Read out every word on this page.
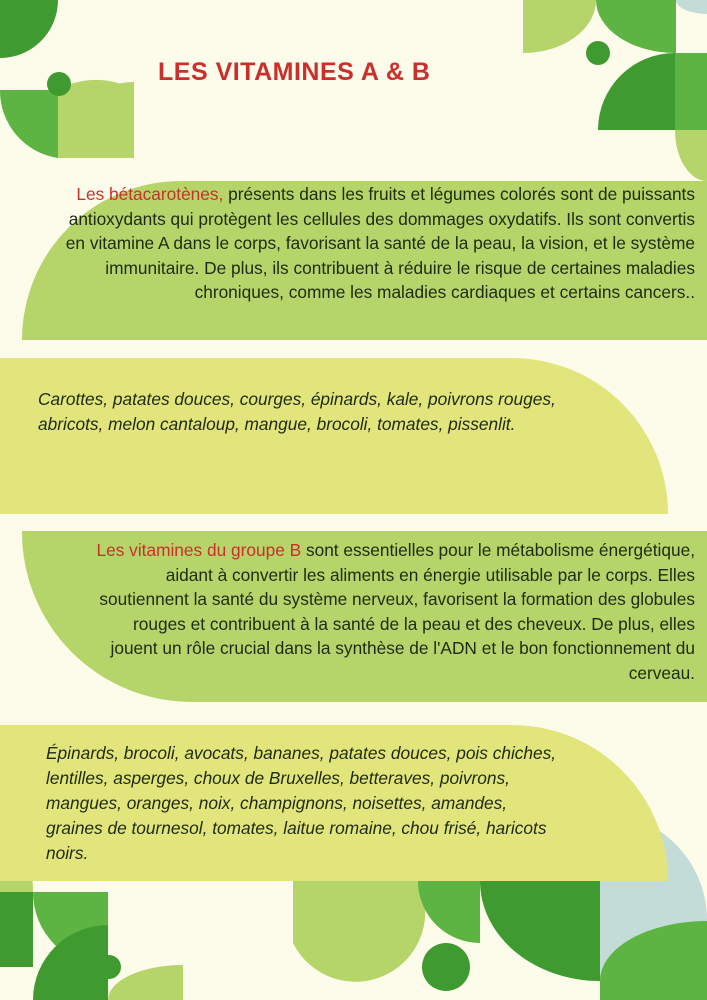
LES VITAMINES A & B

Les bétacarotènes, présents dans les fruits et légumes colorés sont de puissants antioxydants qui protègent les cellules des dommages oxydatifs. Ils sont convertis en vitamine A dans le corps, favorisant la santé de la peau, la vision, et le système immunitaire. De plus, ils contribuent à réduire le risque de certaines maladies chroniques, comme les maladies cardiaques et certains cancers..

Carottes, patates douces, courges, épinards, kale, poivrons rouges, abricots, melon cantaloup, mangue, brocoli, tomates, pissenlit.

Les vitamines du groupe B sont essentielles pour le métabolisme énergétique, aidant à convertir les aliments en énergie utilisable par le corps. Elles soutiennent la santé du système nerveux, favorisent la formation des globules rouges et contribuent à la santé de la peau et des cheveux. De plus, elles jouent un rôle crucial dans la synthèse de l'ADN et le bon fonctionnement du cerveau.

Épinards, brocoli, avocats, bananes, patates douces, pois chiches, lentilles, asperges, choux de Bruxelles, betteraves, poivrons, mangues, oranges, noix, champignons, noisettes, amandes, graines de tournesol, tomates, laitue romaine, chou frisé, haricots noirs.
